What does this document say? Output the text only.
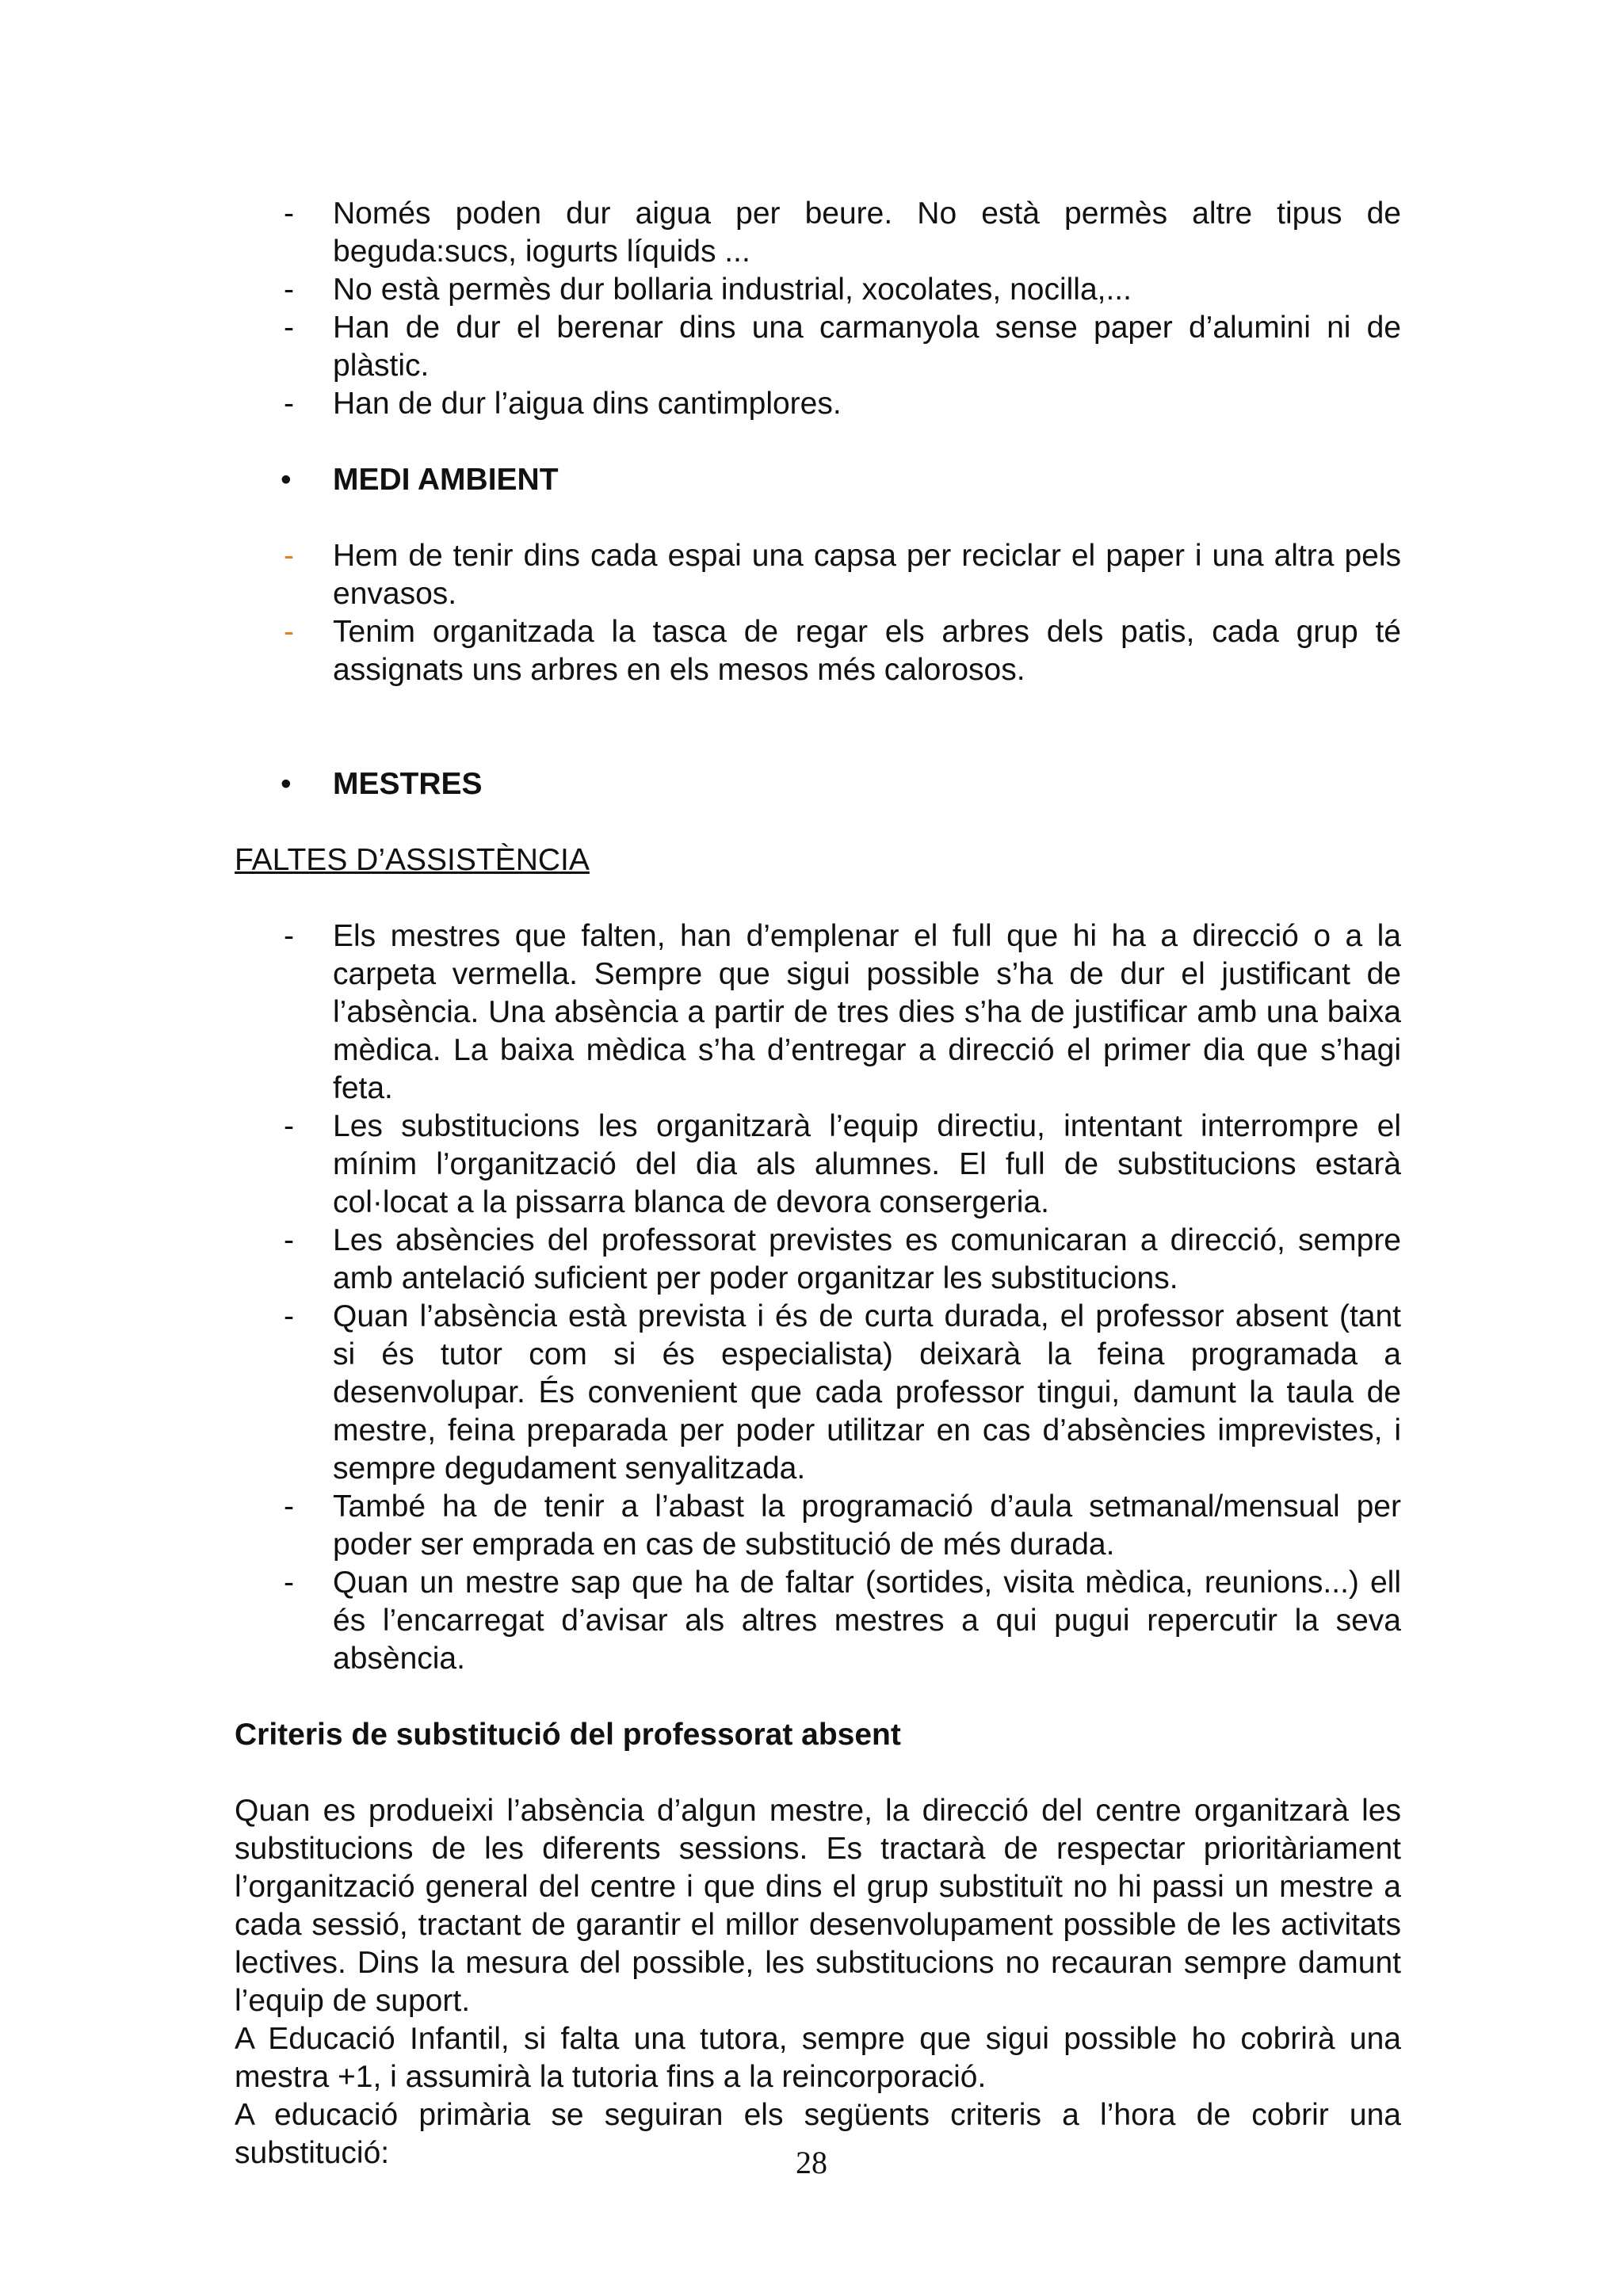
- Només poden dur aigua per beure. No està permès altre tipus de beguda:sucs, iogurts líquids ...
- No està permès dur bollaria industrial, xocolates, nocilla,...
- Han de dur el berenar dins una carmanyola sense paper d’alumini ni de plàstic.
- Han de dur l’aigua dins cantimplores.
• MEDI AMBIENT
- Hem de tenir dins cada espai una capsa per reciclar el paper i una altra pels envasos.
- Tenim organitzada la tasca de regar els arbres dels patis, cada grup té assignats uns arbres en els mesos més calorosos.
• MESTRES
FALTES D’ASSISTÈNCIA
- Els mestres que falten, han d’emplenar el full que hi ha a direcció o a la carpeta vermella. Sempre que sigui possible s’ha de dur el justificant de l’absència. Una absència a partir de tres dies s’ha de justificar amb una baixa mèdica. La baixa mèdica s’ha d’entregar a direcció el primer dia que s’hagi feta.
- Les substitucions les organitzarà l’equip directiu, intentant interrompre el mínim l’organització del dia als alumnes. El full de substitucions estarà col·locat a la pissarra blanca de devora consergeria.
- Les absències del professorat previstes es comunicaran a direcció, sempre amb antelació suficient per poder organitzar les substitucions.
- Quan l’absència està prevista i és de curta durada, el professor absent (tant si és tutor com si és especialista) deixarà la feina programada a desenvolupar. És convenient que cada professor tingui, damunt la taula de mestre, feina preparada per poder utilitzar en cas d’absències imprevistes, i sempre degudament senyalitzada.
- També ha de tenir a l’abast la programació d’aula setmanal/mensual per poder ser emprada en cas de substitució de més durada.
- Quan un mestre sap que ha de faltar (sortides, visita mèdica, reunions...) ell és l’encarregat d’avisar als altres mestres a qui pugui repercutir la seva absència.
Criteris de substitució del professorat absent

Quan es produeixi l’absència d’algun mestre, la direcció del centre organitzarà les substitucions de les diferents sessions. Es tractarà de respectar prioritàriament l’organització general del centre i que dins el grup substituït no hi passi un mestre a cada sessió, tractant de garantir el millor desenvolupament possible de les activitats lectives. Dins la mesura del possible, les substitucions no recauran sempre damunt l’equip de suport.

A Educació Infantil, si falta una tutora, sempre que sigui possible ho cobrirà una mestra +1, i assumirà la tutoria fins a la reincorporació.

A educació primària se seguiran els següents criteris a l’hora de cobrir una substitució:	28
